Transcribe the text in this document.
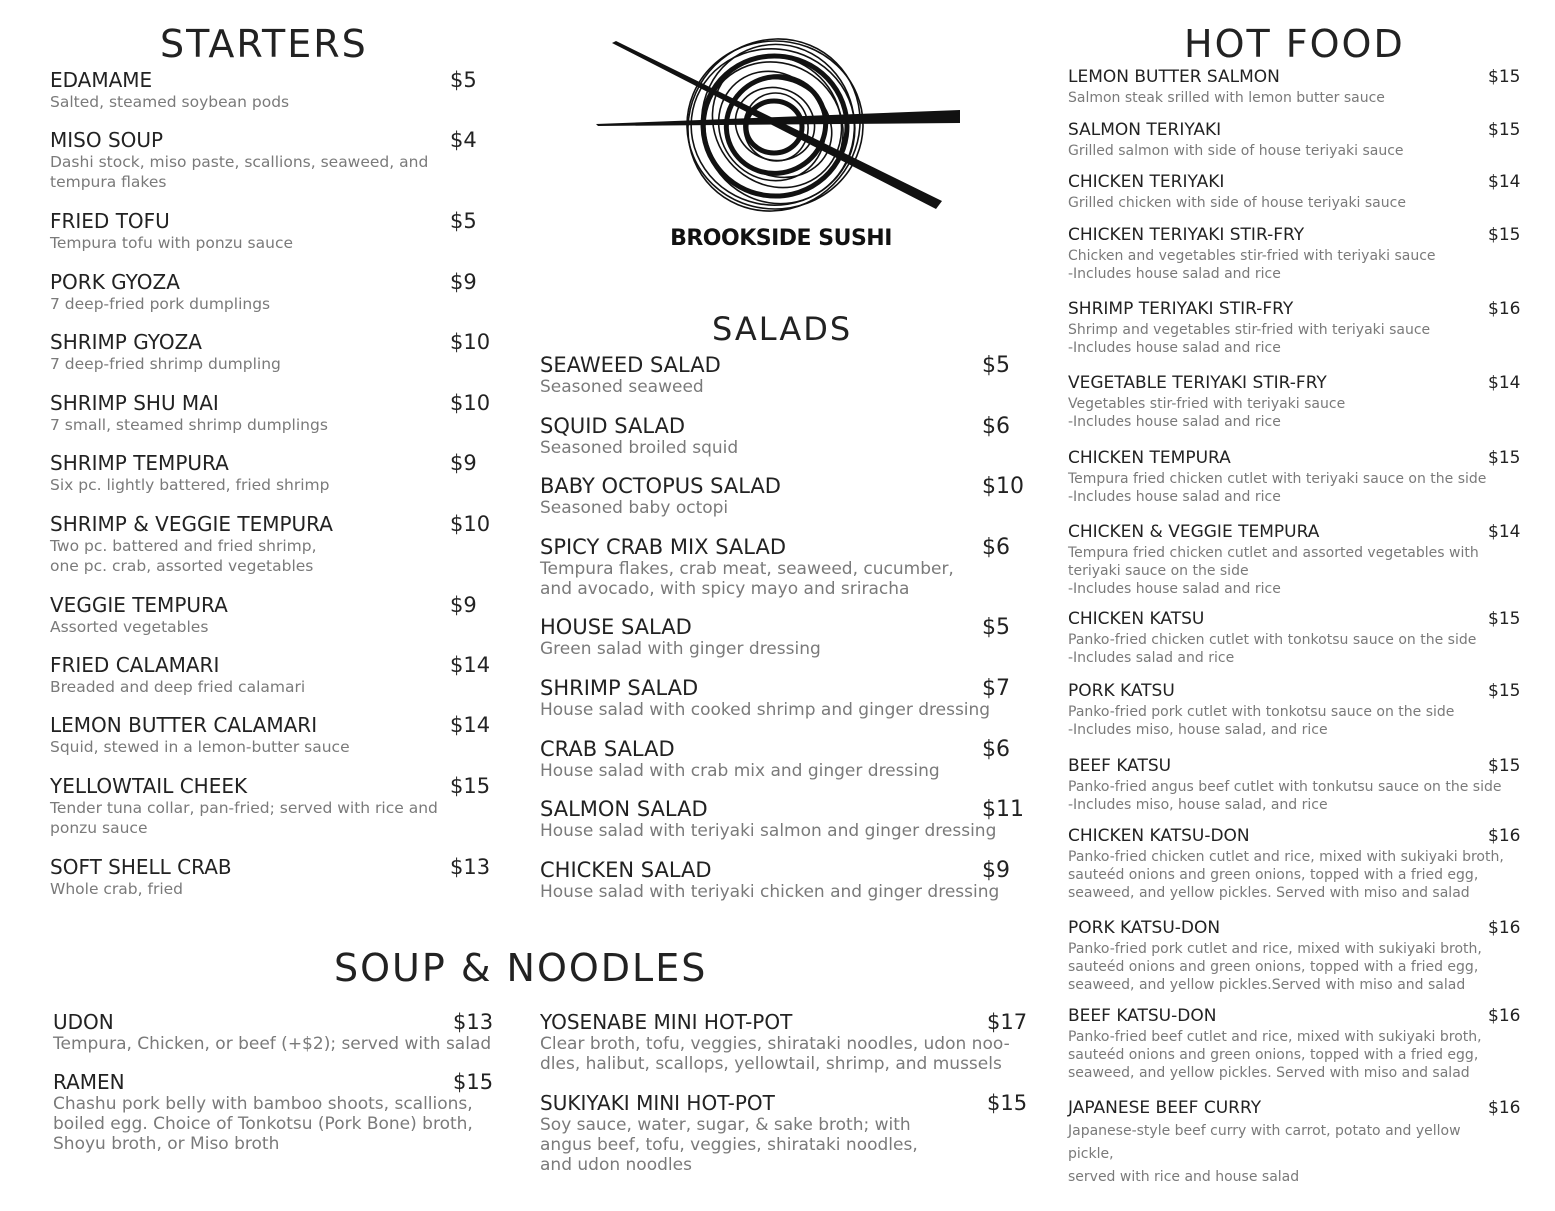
STARTERS
EDAMAME	$5
Salted, steamed soybean pods
MISO SOUP	$4
Dashi stock, miso paste, scallions, seaweed, and
tempura flakes
FRIED TOFU	$5
Tempura tofu with ponzu sauce
PORK GYOZA	$9
7 deep-fried pork dumplings
SHRIMP GYOZA	$10
7 deep-fried shrimp dumpling
SHRIMP SHU MAI	$10
7 small, steamed shrimp dumplings
SHRIMP TEMPURA	$9
Six pc. lightly battered, fried shrimp
SHRIMP & VEGGIE TEMPURA	$10
Two pc. battered and fried shrimp,
one pc. crab, assorted vegetables
VEGGIE TEMPURA	$9
Assorted vegetables
FRIED CALAMARI	$14
Breaded and deep fried calamari
LEMON BUTTER CALAMARI	$14
Squid, stewed in a lemon-butter sauce
YELLOWTAIL CHEEK	$15
Tender tuna collar, pan-fried; served with rice and
ponzu sauce
SOFT SHELL CRAB	$13
Whole crab, fried
BROOKSIDE SUSHI
SALADS
SEAWEED SALAD	$5
Seasoned seaweed
SQUID SALAD	$6
Seasoned broiled squid
BABY OCTOPUS SALAD	$10
Seasoned baby octopi
SPICY CRAB MIX SALAD	$6
Tempura flakes, crab meat, seaweed, cucumber,
and avocado, with spicy mayo and sriracha
HOUSE SALAD	$5
Green salad with ginger dressing
SHRIMP SALAD	$7
House salad with cooked shrimp and ginger dressing
CRAB SALAD	$6
House salad with crab mix and ginger dressing
SALMON SALAD	$11
House salad with teriyaki salmon and ginger dressing
CHICKEN SALAD	$9
House salad with teriyaki chicken and ginger dressing
HOT FOOD
LEMON BUTTER SALMON	$15
Salmon steak srilled with lemon butter sauce
SALMON TERIYAKI	$15
Grilled salmon with side of house teriyaki sauce
CHICKEN TERIYAKI	$14
Grilled chicken with side of house teriyaki sauce
CHICKEN TERIYAKI STIR-FRY	$15
Chicken and vegetables stir-fried with teriyaki sauce
-Includes house salad and rice
SHRIMP TERIYAKI STIR-FRY	$16
Shrimp and vegetables stir-fried with teriyaki sauce
-Includes house salad and rice
VEGETABLE TERIYAKI STIR-FRY	$14
Vegetables stir-fried with teriyaki sauce
-Includes house salad and rice
CHICKEN TEMPURA	$15
Tempura fried chicken cutlet with teriyaki sauce on the side
-Includes house salad and rice
CHICKEN & VEGGIE TEMPURA	$14
Tempura fried chicken cutlet and assorted vegetables with
teriyaki sauce on the side
-Includes house salad and rice
CHICKEN KATSU	$15
Panko-fried chicken cutlet with tonkotsu sauce on the side
-Includes salad and rice
PORK KATSU	$15
Panko-fried pork cutlet with tonkotsu sauce on the side
-Includes miso, house salad, and rice
BEEF KATSU	$15
Panko-fried angus beef cutlet with tonkutsu sauce on the side
-Includes miso, house salad, and rice
CHICKEN KATSU-DON	$16
Panko-fried chicken cutlet and rice, mixed with sukiyaki broth,
sauteéd onions and green onions, topped with a fried egg,
seaweed, and yellow pickles. Served with miso and salad
PORK KATSU-DON	$16
Panko-fried pork cutlet and rice, mixed with sukiyaki broth,
sauteéd onions and green onions, topped with a fried egg,
seaweed, and yellow pickles.Served with miso and salad
BEEF KATSU-DON	$16
Panko-fried beef cutlet and rice, mixed with sukiyaki broth,
sauteéd onions and green onions, topped with a fried egg,
seaweed, and yellow pickles. Served with miso and salad
JAPANESE BEEF CURRY	$16
Japanese-style beef curry with carrot, potato and yellow pickle,
served with rice and house salad
SOUP & NOODLES
UDON	$13
Tempura, Chicken, or beef (+$2); served with salad
RAMEN	$15
Chashu pork belly with bamboo shoots, scallions,
boiled egg. Choice of Tonkotsu (Pork Bone) broth,
Shoyu broth, or Miso broth
YOSENABE MINI HOT-POT	$17
Clear broth, tofu, veggies, shirataki noodles, udon noo-
dles, halibut, scallops, yellowtail, shrimp, and mussels
SUKIYAKI MINI HOT-POT	$15
Soy sauce, water, sugar, & sake broth; with
angus beef, tofu, veggies, shirataki noodles,
and udon noodles
